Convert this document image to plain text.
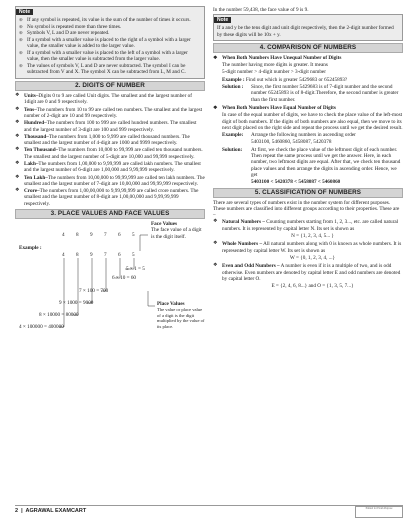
Note
⊛ If any symbol is repeated, its value is the sum of the number of times it occurs.
⊛ No symbol is repeated more than three times.
⊛ Symbols V, L and D are never repeated.
⊛ If a symbol with a smaller value is placed to the right of a symbol with a larger value, the smaller value is added to the larger value.
⊛ If a symbol with a smaller value is placed to the left of a symbol with a larger value, then the smaller value is subtracted from the larger value.
⊛ The values of symbols V, L and D are never subtracted. The symbol I can be subtracted from V and X. The symbol X can be subtracted from L, M and C.
2. DIGITS OF NUMBER
❖ Units–Digits 0 to 9 are called Unit digits. The smallest and the largest number of 1digit are 0 and 9 respectively.
❖ Tens–The numbers from 10 to 99 are called ten numbers. The smallest and the largest number of 2-digit are 10 and 99 respectively.
❖ Hundred–The numbers from 100 to 999 are called hundred numbers. The smallest and the largest number of 3-digit are 100 and 999 respectively.
❖ Thousand–The numbers from 1,000 to 9,999 are called thousand numbers. The smallest and the largest number of 4-digit are 1000 and 9999 respectively.
❖ Ten Thousand–The numbers from 10,000 to 99,999 are called ten thousand numbers. The smallest and the largest number of 5-digit are 10,000 and 99,999 respectively.
❖ Lakh–The numbers from 1,00,000 to 9,99,999 are called lakh numbers. The smallest and the largest number of 6-digit are 1,00,000 and 9,99,999 respectively.
❖ Ten Lakh–The numbers from 10,00,000 to 99,99,999 are called ten lakh numbers. The smallest and the largest number of 7-digit are 10,00,000 and 99,99,999 respectively.
❖ Crore–The numbers from 1,00,00,000 to 9,99,99,999 are called crore numbers. The smallest and the largest number of 8-digit are 1,00,00,000 and 9,99,99,999 respectively.
3. PLACE VALUES AND FACE VALUES
Face Values
The face value of a digit is the digit itself.
Example :
4 8 9 7 6 5
4 8 9 7 6 5
5 × 1 = 5
6 × 10 = 60
7 × 100 = 700
9 × 1000 = 9000
8 × 10000 = 80000
4 × 100000 = 400000
Place Values
The value or place value of a digit is the digit multiplied by the value of its place.
In the number 59,438, the face value of 9 is 9.
Note
If a and y be the tens digit and unit digit respectively, then the 2-digit number formed by these digits will be 10x + y.
4. COMPARISON OF NUMBERS
❖ When Both Numbers Have Unequal Number of Digits
The number having more digits is greater. It means
5-digit number > 4-digit number > 3-digit number
Example : Find out which is greater 5429683 or 65245893?
Solution :	Since, the first number 5429683 is of 7-digit number and the second number 65245893 is of 8-digit.Therefore, the second number is greater than the first number.
❖ When Both Numbers Have Equal Number of Digits
In case of the equal number of digits, we have to check the place value of the left-most digit of both numbers. If the digits of both numbers are also equal, then we move to its next digit placed on the right side and repeat the process until we get the desired result.
Example:	Arrange the following numbers in ascending order
5403100, 5460860, 5458087, 5420378
Solution:	At first, we check the place value of the leftmost digit of each number. Then repeat the same process until we get the answer. Here, in each number, two leftmost digits are equal. After that, we check ten thousand place values and then arrange the digits in ascending order. Hence, we get
5403100 < 5420378 < 5458087 < 5460860
5. CLASSIFICATION OF NUMBERS
There are several types of numbers exist in the number system for different purposes. These numbers are classified into different groups according to their properties. These are –
❖ Natural Numbers – Counting numbers starting from 1, 2, 3..., etc. are called natural numbers. It is represented by capital letter N. Its set is shown as
N = {1, 2, 3, 4, 5... }
❖ Whole Numbers – All natural numbers along with 0 is known as whole numbers. It is represented by capital letter W. Its set is shown as
W = {0, 1, 2, 3, 4, ...}
❖ Even and Odd Numbers – A number is even if it is a multiple of two, and is odd otherwise. Even numbers are denoted by capital letter E and odd numbers are denoted by capital letter O.
E = {2, 4, 6, 8...} and O = {1, 3, 5, 7...}
2  |  AGRAWAL EXAMCART	Printed for Exam Purpose
